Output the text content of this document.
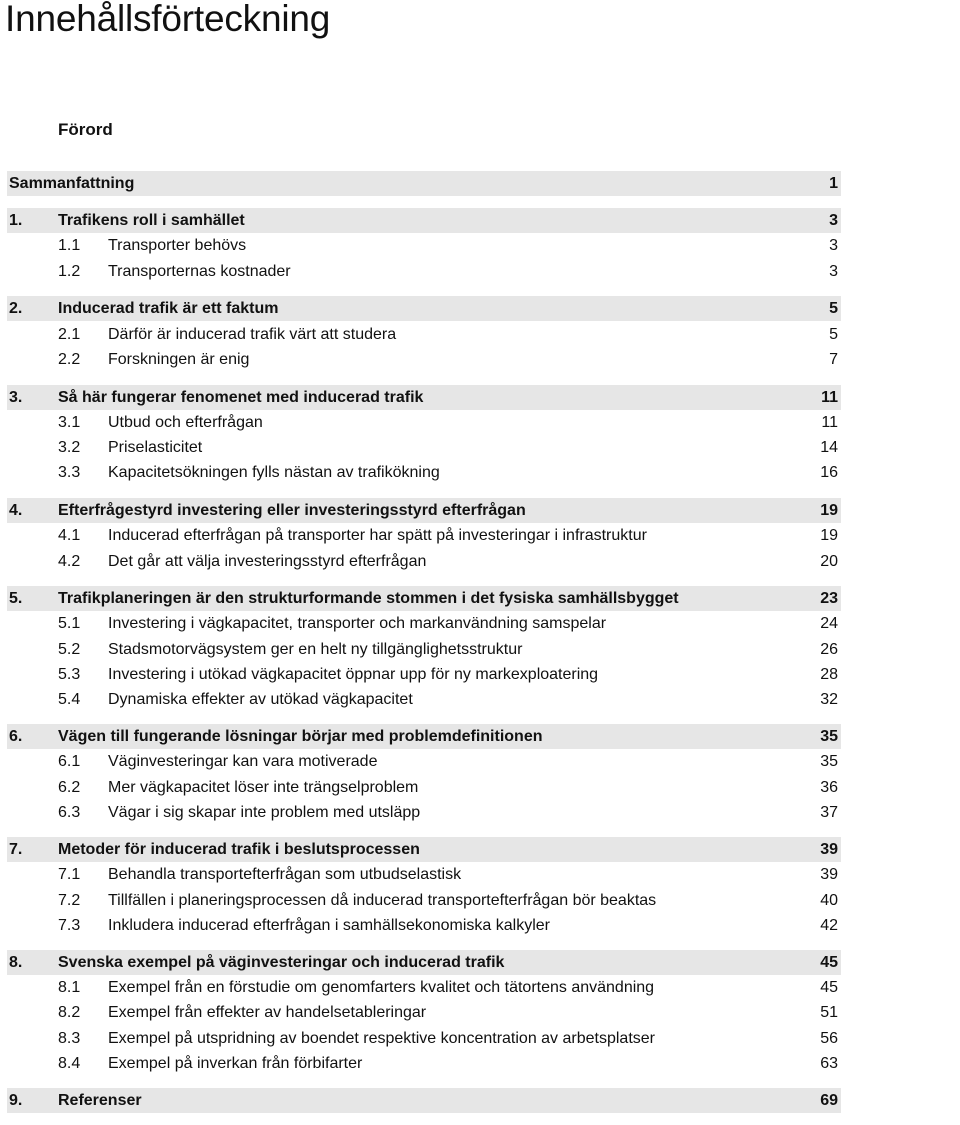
Innehållsförteckning
Förord
Sammanfattning	1
1. Trafikens roll i samhället	3
1.1 Transporter behövs	3
1.2 Transporternas kostnader	3
2. Inducerad trafik är ett faktum	5
2.1 Därför är inducerad trafik värt att studera	5
2.2 Forskningen är enig	7
3. Så här fungerar fenomenet med inducerad trafik	11
3.1 Utbud och efterfrågan	11
3.2 Priselasticitet	14
3.3 Kapacitetsökningen fylls nästan av trafikökning	16
4. Efterfrågestyrd investering eller investeringsstyrd efterfrågan	19
4.1 Inducerad efterfrågan på transporter har spätt på investeringar i infrastruktur	19
4.2 Det går att välja investeringsstyrd efterfrågan	20
5. Trafikplaneringen är den strukturformande stommen i det fysiska samhällsbygget	23
5.1 Investering i vägkapacitet, transporter och markanvändning samspelar	24
5.2 Stadsmotorvägsystem ger en helt ny tillgänglighetsstruktur	26
5.3 Investering i utökad vägkapacitet öppnar upp för ny markexploatering	28
5.4 Dynamiska effekter av utökad vägkapacitet	32
6. Vägen till fungerande lösningar börjar med problemdefinitionen	35
6.1 Väginvesteringar kan vara motiverade	35
6.2 Mer vägkapacitet löser inte trängselproblem	36
6.3 Vägar i sig skapar inte problem med utsläpp	37
7. Metoder för inducerad trafik i beslutsprocessen	39
7.1 Behandla transportefterfrågan som utbudselastisk	39
7.2 Tillfällen i planeringsprocessen då inducerad transportefterfrågan bör beaktas	40
7.3 Inkludera inducerad efterfrågan i samhällsekonomiska kalkyler	42
8. Svenska exempel på väginvesteringar och inducerad trafik	45
8.1 Exempel från en förstudie om genomfarters kvalitet och tätortens användning	45
8.2 Exempel från effekter av handelsetableringar	51
8.3 Exempel på utspridning av boendet respektive koncentration av arbetsplatser	56
8.4 Exempel på inverkan från förbifarter	63
9. Referenser	69
